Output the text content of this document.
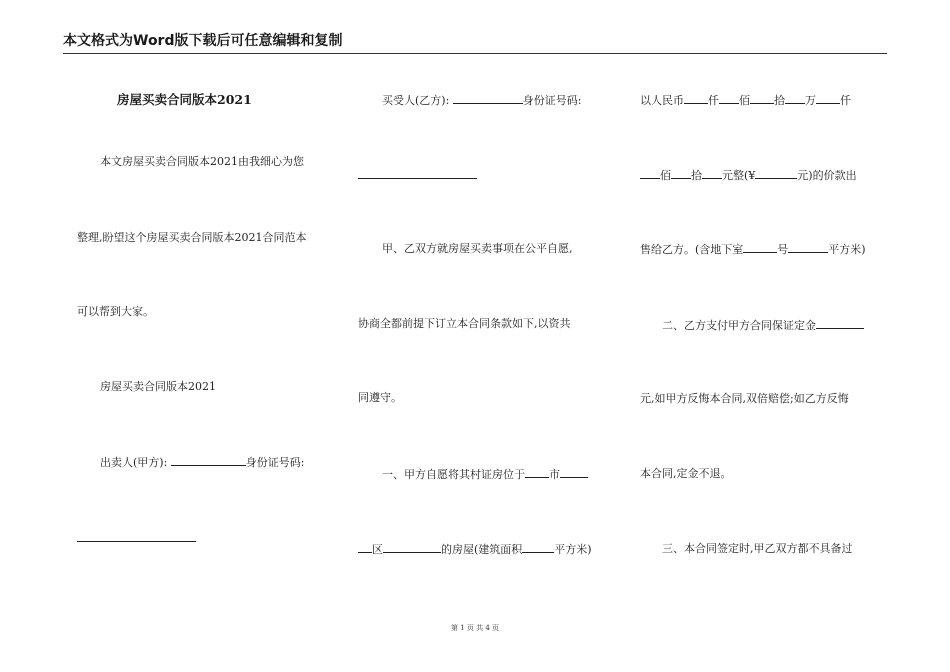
本文格式为Word版下载后可任意编辑和复制
房屋买卖合同版本2021
本文房屋买卖合同版本2021由我细心为您
整理,盼望这个房屋买卖合同版本2021合同范本
可以帮到大家。
房屋买卖合同版本2021
出卖人(甲方):	身份证号码:
买受人(乙方):	身份证号码:
甲、乙双方就房屋买卖事项在公平自愿,
协商全都前提下订立本合同条款如下,以资共
同遵守。
一、甲方自愿将其村证房位于 市
区	的房屋(建筑面积	平方米)
以人民币 仟 佰 拾 万 仟
佰 拾 元整(¥	元)的价款出
售给乙方。(含地下室	号	平方米)
二、乙方支付甲方合同保证定金
元,如甲方反悔本合同,双倍赔偿;如乙方反悔
本合同,定金不退。
三、本合同签定时,甲乙双方都不具备过
第 1 页 共 4 页
